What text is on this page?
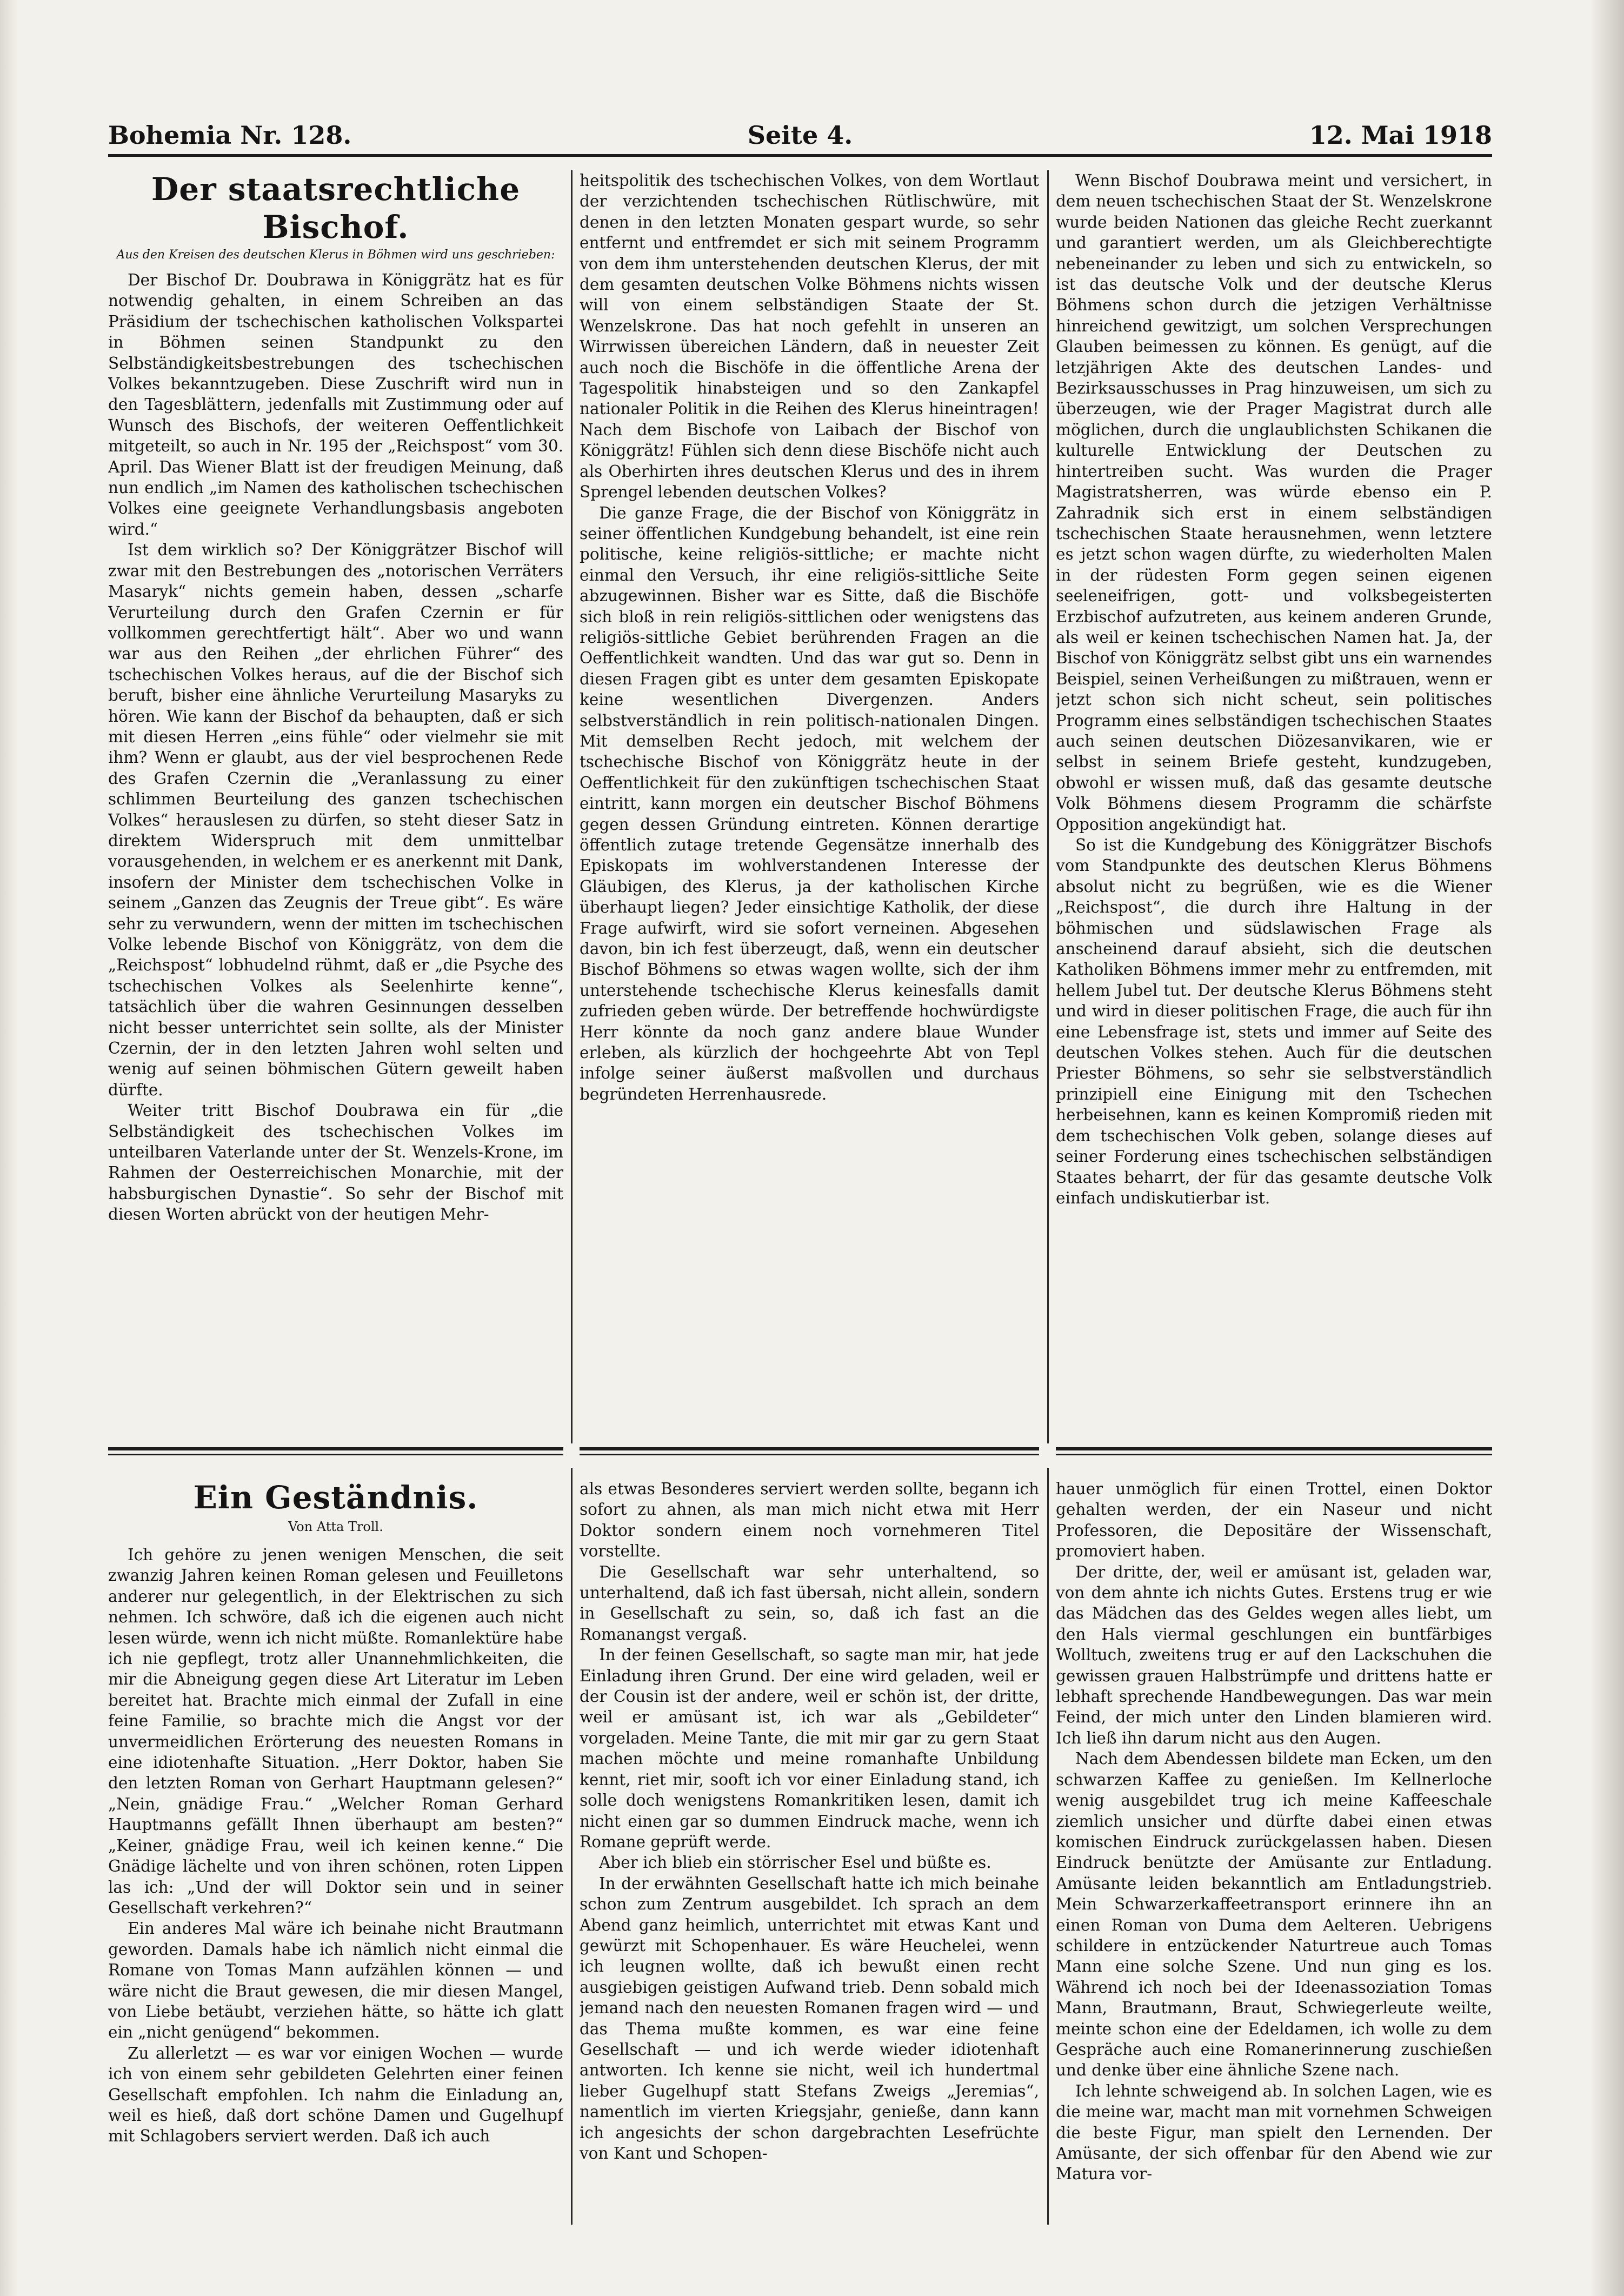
Bohemia Nr. 128.	Seite 4.	12. Mai 1918
Der staatsrechtliche Bischof.
Aus den Kreisen des deutschen Klerus in Böhmen wird uns geschrieben:

Der Bischof Dr. Doubrawa in Königgrätz hat es für notwendig gehalten, in einem Schreiben an das Präsidium der tschechischen katholischen Volkspartei in Böhmen seinen Standpunkt zu den Selbständigkeitsbestrebungen des tschechischen Volkes bekanntzugeben. Diese Zuschrift wird nun in den Tagesblättern, jedenfalls mit Zustimmung oder auf Wunsch des Bischofs, der weiteren Oeffentlichkeit mitgeteilt, so auch in Nr. 195 der „Reichspost“ vom 30. April. Das Wiener Blatt ist der freudigen Meinung, daß nun endlich „im Namen des katholischen tschechischen Volkes eine geeignete Verhandlungsbasis angeboten wird.“

Ist dem wirklich so? Der Königgrätzer Bischof will zwar mit den Bestrebungen des „notorischen Verräters Masaryk“ nichts gemein haben, dessen „scharfe Verurteilung durch den Grafen Czernin er für vollkommen gerechtfertigt hält“. Aber wo und wann war aus den Reihen „der ehrlichen Führer“ des tschechischen Volkes heraus, auf die der Bischof sich beruft, bisher eine ähnliche Verurteilung Masaryks zu hören. Wie kann der Bischof da behaupten, daß er sich mit diesen Herren „eins fühle“ oder vielmehr sie mit ihm? Wenn er glaubt, aus der viel besprochenen Rede des Grafen Czernin die „Veranlassung zu einer schlimmen Beurteilung des ganzen tschechischen Volkes“ herauslesen zu dürfen, so steht dieser Satz in direktem Widerspruch mit dem unmittelbar vorausgehenden, in welchem er es anerkennt mit Dank, insofern der Minister dem tschechischen Volke in seinem „Ganzen das Zeugnis der Treue gibt“. Es wäre sehr zu verwundern, wenn der mitten im tschechischen Volke lebende Bischof von Königgrätz, von dem die „Reichspost“ lobhudelnd rühmt, daß er „die Psyche des tschechischen Volkes als Seelenhirte kenne“, tatsächlich über die wahren Gesinnungen desselben nicht besser unterrichtet sein sollte, als der Minister Czernin, der in den letzten Jahren wohl selten und wenig auf seinen böhmischen Gütern geweilt haben dürfte.

Weiter tritt Bischof Doubrawa ein für „die Selbständigkeit des tschechischen Volkes im unteilbaren Vaterlande unter der St. Wenzels-Krone, im Rahmen der Oesterreichischen Monarchie, mit der habsburgischen Dynastie“. So sehr der Bischof mit diesen Worten abrückt von der heutigen Mehr-

heitspolitik des tschechischen Volkes, von dem Wortlaut der verzichtenden tschechischen Rütlischwüre, mit denen in den letzten Monaten gespart wurde, so sehr entfernt und entfremdet er sich mit seinem Programm von dem ihm unterstehenden deutschen Klerus, der mit dem gesamten deutschen Volke Böhmens nichts wissen will von einem selbständigen Staate der St. Wenzelskrone. Das hat noch gefehlt in unseren an Wirrwissen übereichen Ländern, daß in neuester Zeit auch noch die Bischöfe in die öffentliche Arena der Tagespolitik hinabsteigen und so den Zankapfel nationaler Politik in die Reihen des Klerus hineintragen! Nach dem Bischofe von Laibach der Bischof von Königgrätz! Fühlen sich denn diese Bischöfe nicht auch als Oberhirten ihres deutschen Klerus und des in ihrem Sprengel lebenden deutschen Volkes?

Die ganze Frage, die der Bischof von Königgrätz in seiner öffentlichen Kundgebung behandelt, ist eine rein politische, keine religiös-sittliche; er machte nicht einmal den Versuch, ihr eine religiös-sittliche Seite abzugewinnen. Bisher war es Sitte, daß die Bischöfe sich bloß in rein religiös-sittlichen oder wenigstens das religiös-sittliche Gebiet berührenden Fragen an die Oeffentlichkeit wandten. Und das war gut so. Denn in diesen Fragen gibt es unter dem gesamten Episkopate keine wesentlichen Divergenzen. Anders selbstverständlich in rein politisch-nationalen Dingen. Mit demselben Recht jedoch, mit welchem der tschechische Bischof von Königgrätz heute in der Oeffentlichkeit für den zukünftigen tschechischen Staat eintritt, kann morgen ein deutscher Bischof Böhmens gegen dessen Gründung eintreten. Können derartige öffentlich zutage tretende Gegensätze innerhalb des Episkopats im wohlverstandenen Interesse der Gläubigen, des Klerus, ja der katholischen Kirche überhaupt liegen? Jeder einsichtige Katholik, der diese Frage aufwirft, wird sie sofort verneinen. Abgesehen davon, bin ich fest überzeugt, daß, wenn ein deutscher Bischof Böhmens so etwas wagen wollte, sich der ihm unterstehende tschechische Klerus keinesfalls damit zufrieden geben würde. Der betreffende hochwürdigste Herr könnte da noch ganz andere blaue Wunder erleben, als kürzlich der hochgeehrte Abt von Tepl infolge seiner äußerst maßvollen und durchaus begründeten Herrenhausrede.

Wenn Bischof Doubrawa meint und versichert, in dem neuen tschechischen Staat der St. Wenzelskrone wurde beiden Nationen das gleiche Recht zuerkannt und garantiert werden, um als Gleichberechtigte nebeneinander zu leben und sich zu entwickeln, so ist das deutsche Volk und der deutsche Klerus Böhmens schon durch die jetzigen Verhältnisse hinreichend gewitzigt, um solchen Versprechungen Glauben beimessen zu können. Es genügt, auf die letzjährigen Akte des deutschen Landes- und Bezirksausschusses in Prag hinzuweisen, um sich zu überzeugen, wie der Prager Magistrat durch alle möglichen, durch die unglaublichsten Schikanen die kulturelle Entwicklung der Deutschen zu hintertreiben sucht. Was wurden die Prager Magistratsherren, was würde ebenso ein P. Zahradnik sich erst in einem selbständigen tschechischen Staate herausnehmen, wenn letztere es jetzt schon wagen dürfte, zu wiederholten Malen in der rüdesten Form gegen seinen eigenen seeleneifrigen, gott- und volksbegeisterten Erzbischof aufzutreten, aus keinem anderen Grunde, als weil er keinen tschechischen Namen hat. Ja, der Bischof von Königgrätz selbst gibt uns ein warnendes Beispiel, seinen Verheißungen zu mißtrauen, wenn er jetzt schon sich nicht scheut, sein politisches Programm eines selbständigen tschechischen Staates auch seinen deutschen Diözesanvikaren, wie er selbst in seinem Briefe gesteht, kundzugeben, obwohl er wissen muß, daß das gesamte deutsche Volk Böhmens diesem Programm die schärfste Opposition angekündigt hat.

So ist die Kundgebung des Königgrätzer Bischofs vom Standpunkte des deutschen Klerus Böhmens absolut nicht zu begrüßen, wie es die Wiener „Reichspost“, die durch ihre Haltung in der böhmischen und südslawischen Frage als anscheinend darauf absieht, sich die deutschen Katholiken Böhmens immer mehr zu entfremden, mit hellem Jubel tut. Der deutsche Klerus Böhmens steht und wird in dieser politischen Frage, die auch für ihn eine Lebensfrage ist, stets und immer auf Seite des deutschen Volkes stehen. Auch für die deutschen Priester Böhmens, so sehr sie selbstverständlich prinzipiell eine Einigung mit den Tschechen herbeisehnen, kann es keinen Kompromiß rieden mit dem tschechischen Volk geben, solange dieses auf seiner Forderung eines tschechischen selbständigen Staates beharrt, der für das gesamte deutsche Volk einfach undiskutierbar ist.

Ein Geständnis.
Von Atta Troll.

Ich gehöre zu jenen wenigen Menschen, die seit zwanzig Jahren keinen Roman gelesen und Feuilletons anderer nur gelegentlich, in der Elektrischen zu sich nehmen. Ich schwöre, daß ich die eigenen auch nicht lesen würde, wenn ich nicht müßte. Romanlektüre habe ich nie gepflegt, trotz aller Unannehmlichkeiten, die mir die Abneigung gegen diese Art Literatur im Leben bereitet hat. Brachte mich einmal der Zufall in eine feine Familie, so brachte mich die Angst vor der unvermeidlichen Erörterung des neuesten Romans in eine idiotenhafte Situation. „Herr Doktor, haben Sie den letzten Roman von Gerhart Hauptmann gelesen?“ „Nein, gnädige Frau.“ „Welcher Roman Gerhard Hauptmanns gefällt Ihnen überhaupt am besten?“ „Keiner, gnädige Frau, weil ich keinen kenne.“ Die Gnädige lächelte und von ihren schönen, roten Lippen las ich: „Und der will Doktor sein und in seiner Gesellschaft verkehren?“

Ein anderes Mal wäre ich beinahe nicht Brautmann geworden. Damals habe ich nämlich nicht einmal die Romane von Tomas Mann aufzählen können — und wäre nicht die Braut gewesen, die mir diesen Mangel, von Liebe betäubt, verziehen hätte, so hätte ich glatt ein „nicht genügend“ bekommen.

Zu allerletzt — es war vor einigen Wochen — wurde ich von einem sehr gebildeten Gelehrten einer feinen Gesellschaft empfohlen. Ich nahm die Einladung an, weil es hieß, daß dort schöne Damen und Gugelhupf mit Schlagobers serviert werden. Daß ich auch

als etwas Besonderes serviert werden sollte, begann ich sofort zu ahnen, als man mich nicht etwa mit Herr Doktor sondern einem noch vornehmeren Titel vorstellte.

Die Gesellschaft war sehr unterhaltend, so unterhaltend, daß ich fast übersah, nicht allein, sondern in Gesellschaft zu sein, so, daß ich fast an die Romanangst vergaß.

In der feinen Gesellschaft, so sagte man mir, hat jede Einladung ihren Grund. Der eine wird geladen, weil er der Cousin ist der andere, weil er schön ist, der dritte, weil er amüsant ist, ich war als „Gebildeter“ vorgeladen. Meine Tante, die mit mir gar zu gern Staat machen möchte und meine romanhafte Unbildung kennt, riet mir, sooft ich vor einer Einladung stand, ich solle doch wenigstens Romankritiken lesen, damit ich nicht einen gar so dummen Eindruck mache, wenn ich Romane geprüft werde.

Aber ich blieb ein störrischer Esel und büßte es.

In der erwähnten Gesellschaft hatte ich mich beinahe schon zum Zentrum ausgebildet. Ich sprach an dem Abend ganz heimlich, unterrichtet mit etwas Kant und gewürzt mit Schopenhauer. Es wäre Heuchelei, wenn ich leugnen wollte, daß ich bewußt einen recht ausgiebigen geistigen Aufwand trieb. Denn sobald mich jemand nach den neuesten Romanen fragen wird — und das Thema mußte kommen, es war eine feine Gesellschaft — und ich werde wieder idiotenhaft antworten. Ich kenne sie nicht, weil ich hundertmal lieber Gugelhupf statt Stefans Zweigs „Jeremias“, namentlich im vierten Kriegsjahr, genieße, dann kann ich angesichts der schon dargebrachten Lesefrüchte von Kant und Schopen-

hauer unmöglich für einen Trottel, einen Doktor gehalten werden, der ein Naseur und nicht Professoren, die Depositäre der Wissenschaft, promoviert haben.

Der dritte, der, weil er amüsant ist, geladen war, von dem ahnte ich nichts Gutes. Erstens trug er wie das Mädchen das des Geldes wegen alles liebt, um den Hals viermal geschlungen ein buntfärbiges Wolltuch, zweitens trug er auf den Lackschuhen die gewissen grauen Halbstrümpfe und drittens hatte er lebhaft sprechende Handbewegungen. Das war mein Feind, der mich unter den Linden blamieren wird. Ich ließ ihn darum nicht aus den Augen.

Nach dem Abendessen bildete man Ecken, um den schwarzen Kaffee zu genießen. Im Kellnerloche wenig ausgebildet trug ich meine Kaffeeschale ziemlich unsicher und dürfte dabei einen etwas komischen Eindruck zurückgelassen haben. Diesen Eindruck benützte der Amüsante zur Entladung. Amüsante leiden bekanntlich am Entladungstrieb. Mein Schwarzerkaffeetransport erinnere ihn an einen Roman von Duma dem Aelteren. Uebrigens schildere in entzückender Naturtreue auch Tomas Mann eine solche Szene. Und nun ging es los. Während ich noch bei der Ideenassoziation Tomas Mann, Brautmann, Braut, Schwiegerleute weilte, meinte schon eine der Edeldamen, ich wolle zu dem Gespräche auch eine Romanerinnerung zuschießen und denke über eine ähnliche Szene nach.

Ich lehnte schweigend ab. In solchen Lagen, wie es die meine war, macht man mit vornehmen Schweigen die beste Figur, man spielt den Lernenden. Der Amüsante, der sich offenbar für den Abend wie zur Matura vor-
